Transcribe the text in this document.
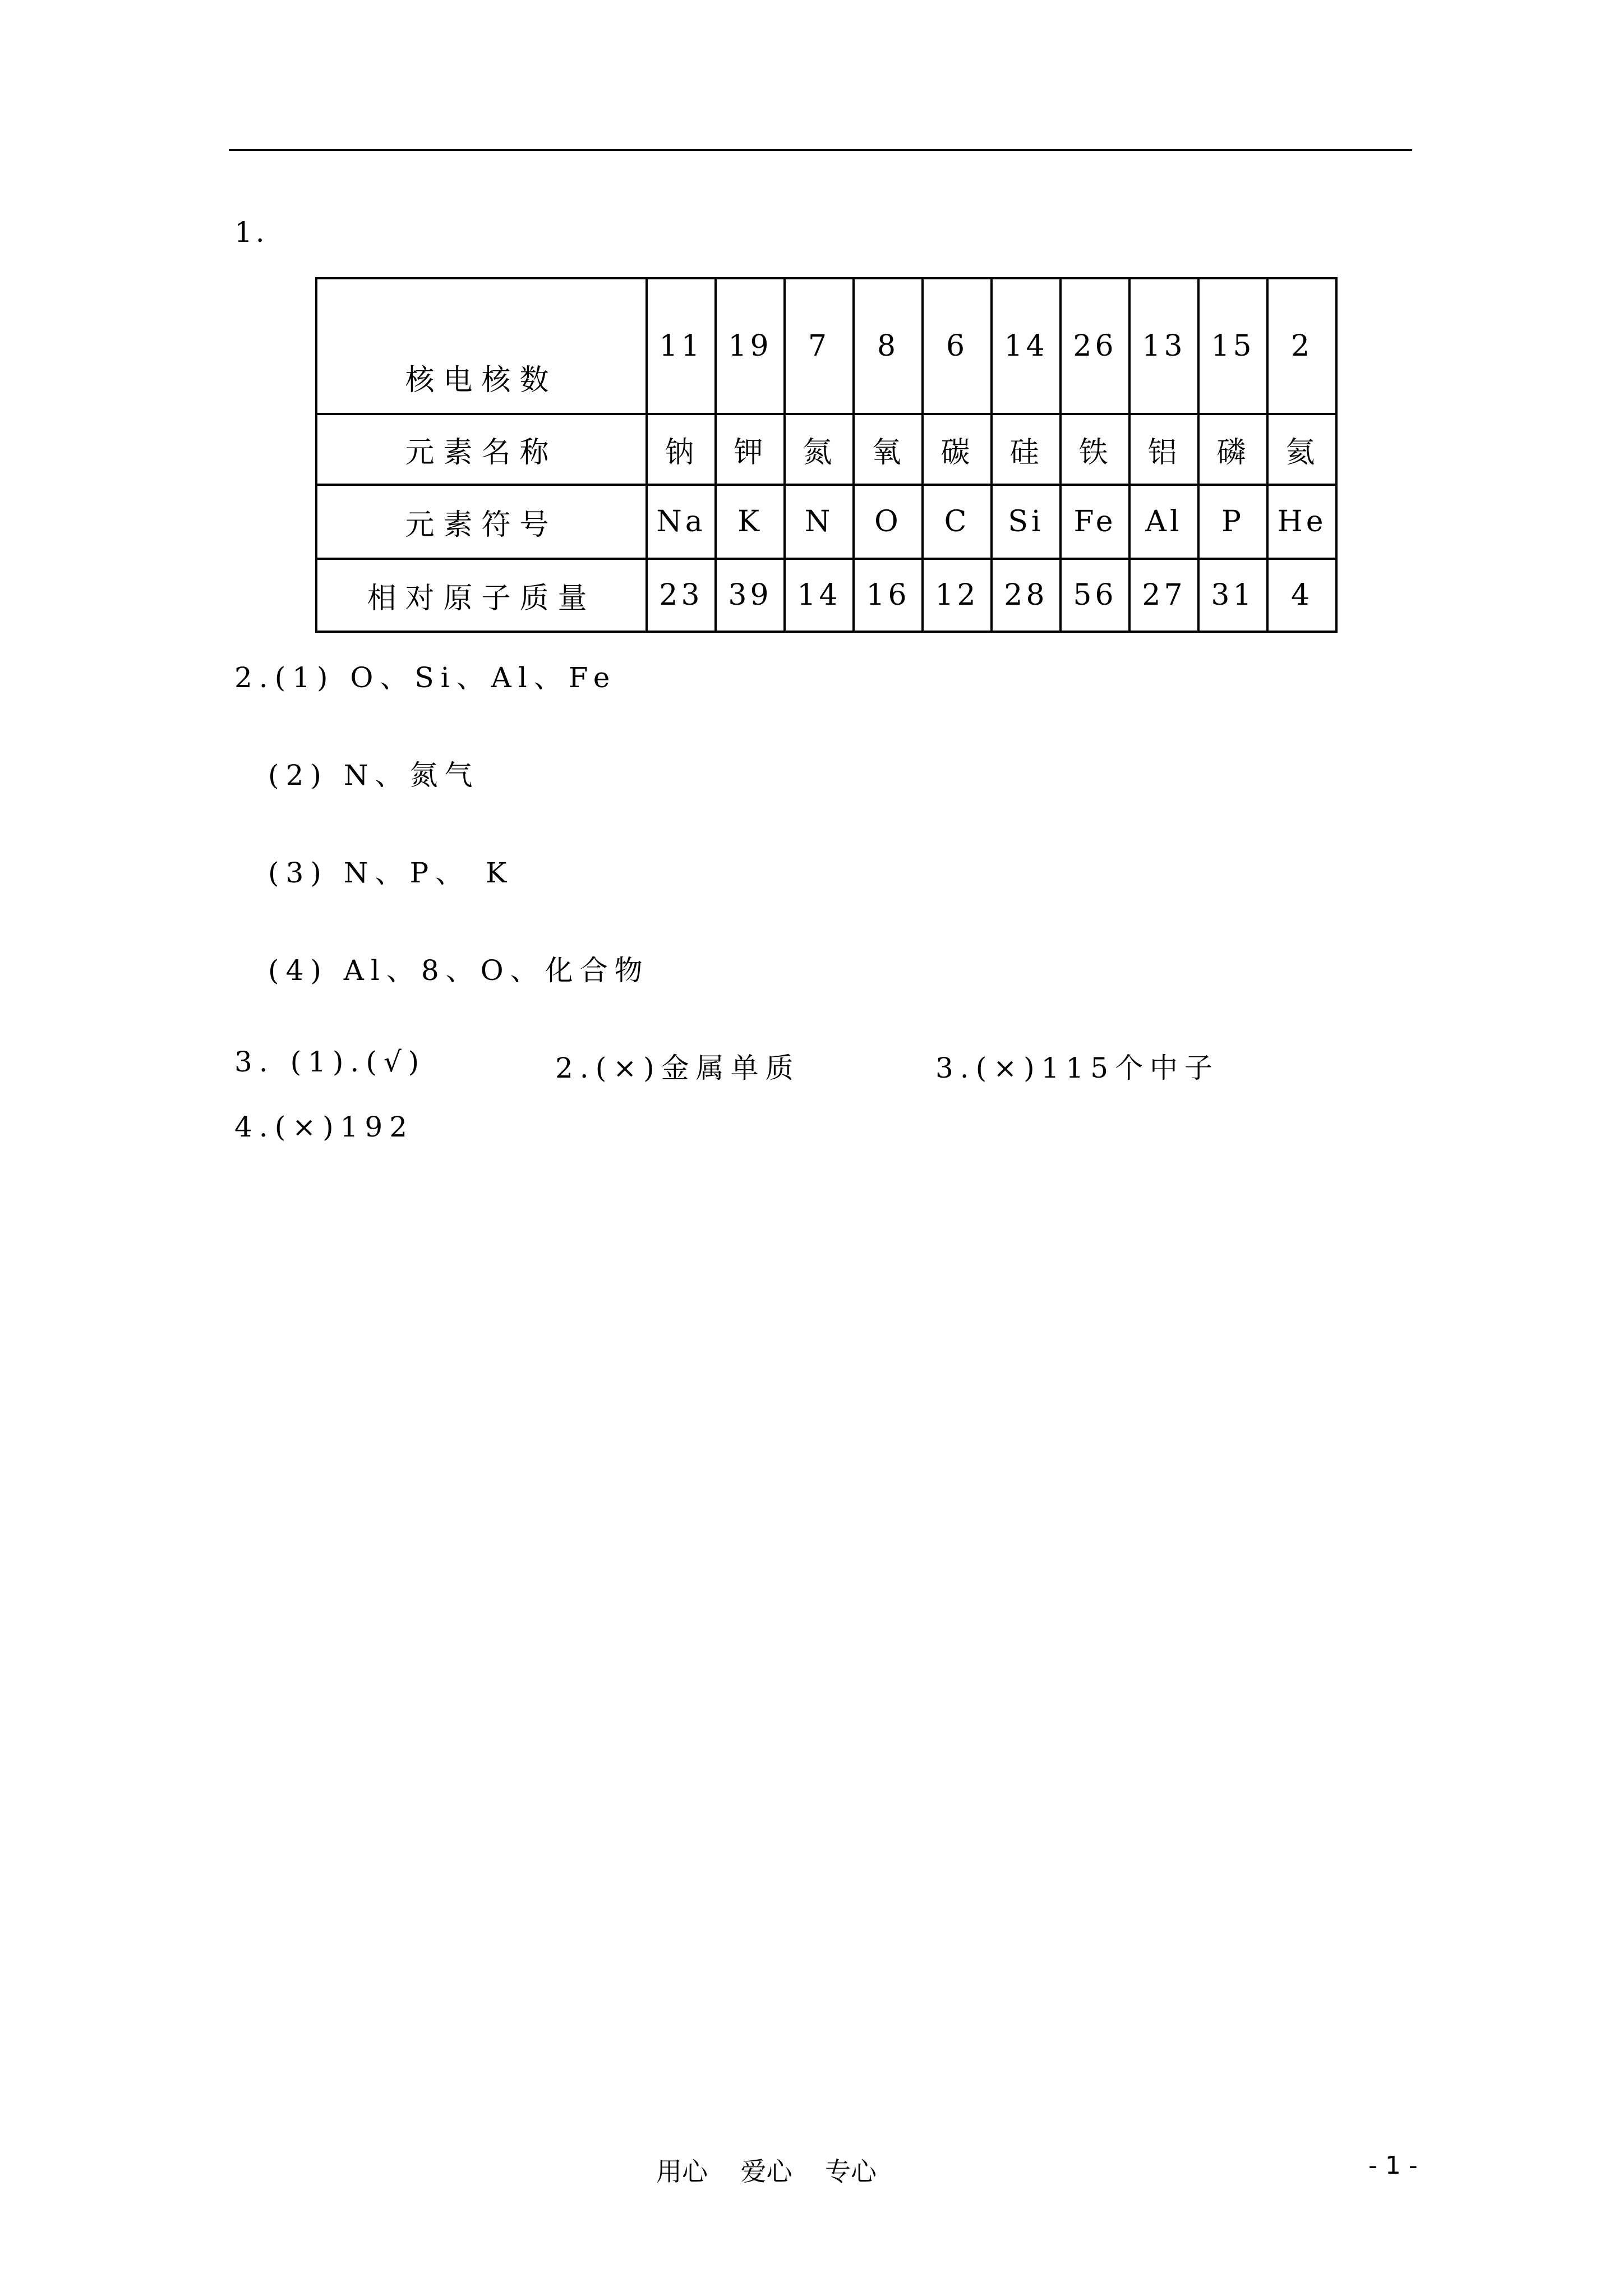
1.
核电核数	11	19	7	8	6	14	26	13	15	2
元素名称	钠	钾	氮	氧	碳	硅	铁	铝	磷	氦
元素符号	Na	K	N	O	C	Si	Fe	Al	P	He
相对原子质量	23	39	14	16	12	28	56	27	31	4
2.(1) O、Si、Al、Fe
(2) N、氮气
(3) N、P、 K
(4) Al、8、O、化合物
3. (1).(√)	2.(×)金属单质	3.(×)115个中子
4.(×)192
用心    爱心    专心	- 1 -
